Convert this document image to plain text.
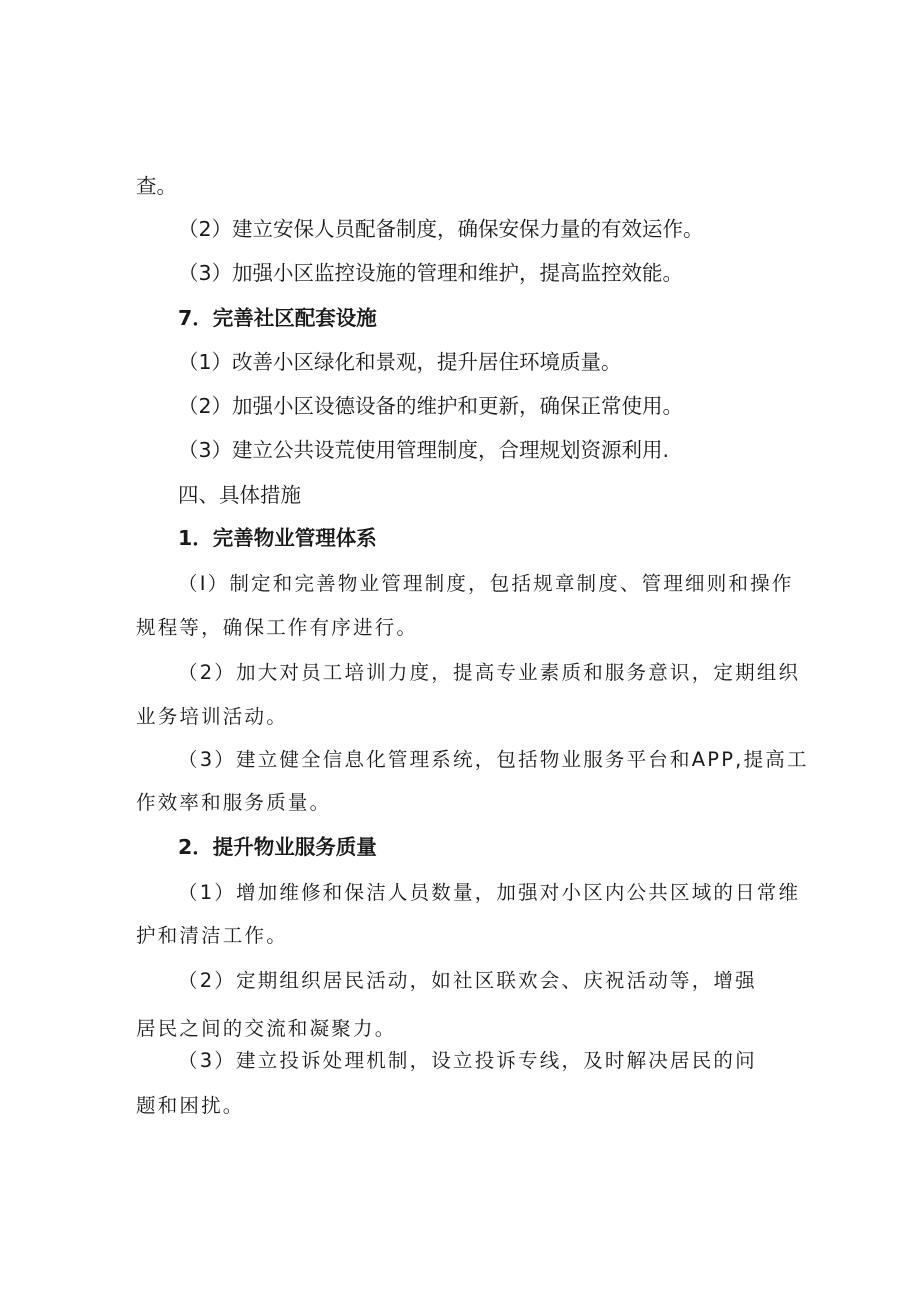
查。
（2）建立安保人员配备制度，确保安保力量的有效运作。
（3）加强小区监控设施的管理和维护，提高监控效能。
7．完善社区配套设施
（1）改善小区绿化和景观，提升居住环境质量。
（2）加强小区设德设备的维护和更新，确保正常使用。
（3）建立公共设荒使用管理制度，合理规划资源利用.
四、具体措施
1．完善物业管理体系
（I）制定和完善物业管理制度，包括规章制度、管理细则和操作
规程等，确保工作有序进行。
（2）加大对员工培训力度，提高专业素质和服务意识，定期组织
业务培训活动。
（3）建立健全信息化管理系统，包括物业服务平台和APP,提高工
作效率和服务质量。
2．提升物业服务质量
（1）增加维修和保洁人员数量，加强对小区内公共区域的日常维
护和清洁工作。
（2）定期组织居民活动，如社区联欢会、庆祝活动等，增强
居民之间的交流和凝聚力。
（3）建立投诉处理机制，设立投诉专线，及时解决居民的问
题和困扰。
